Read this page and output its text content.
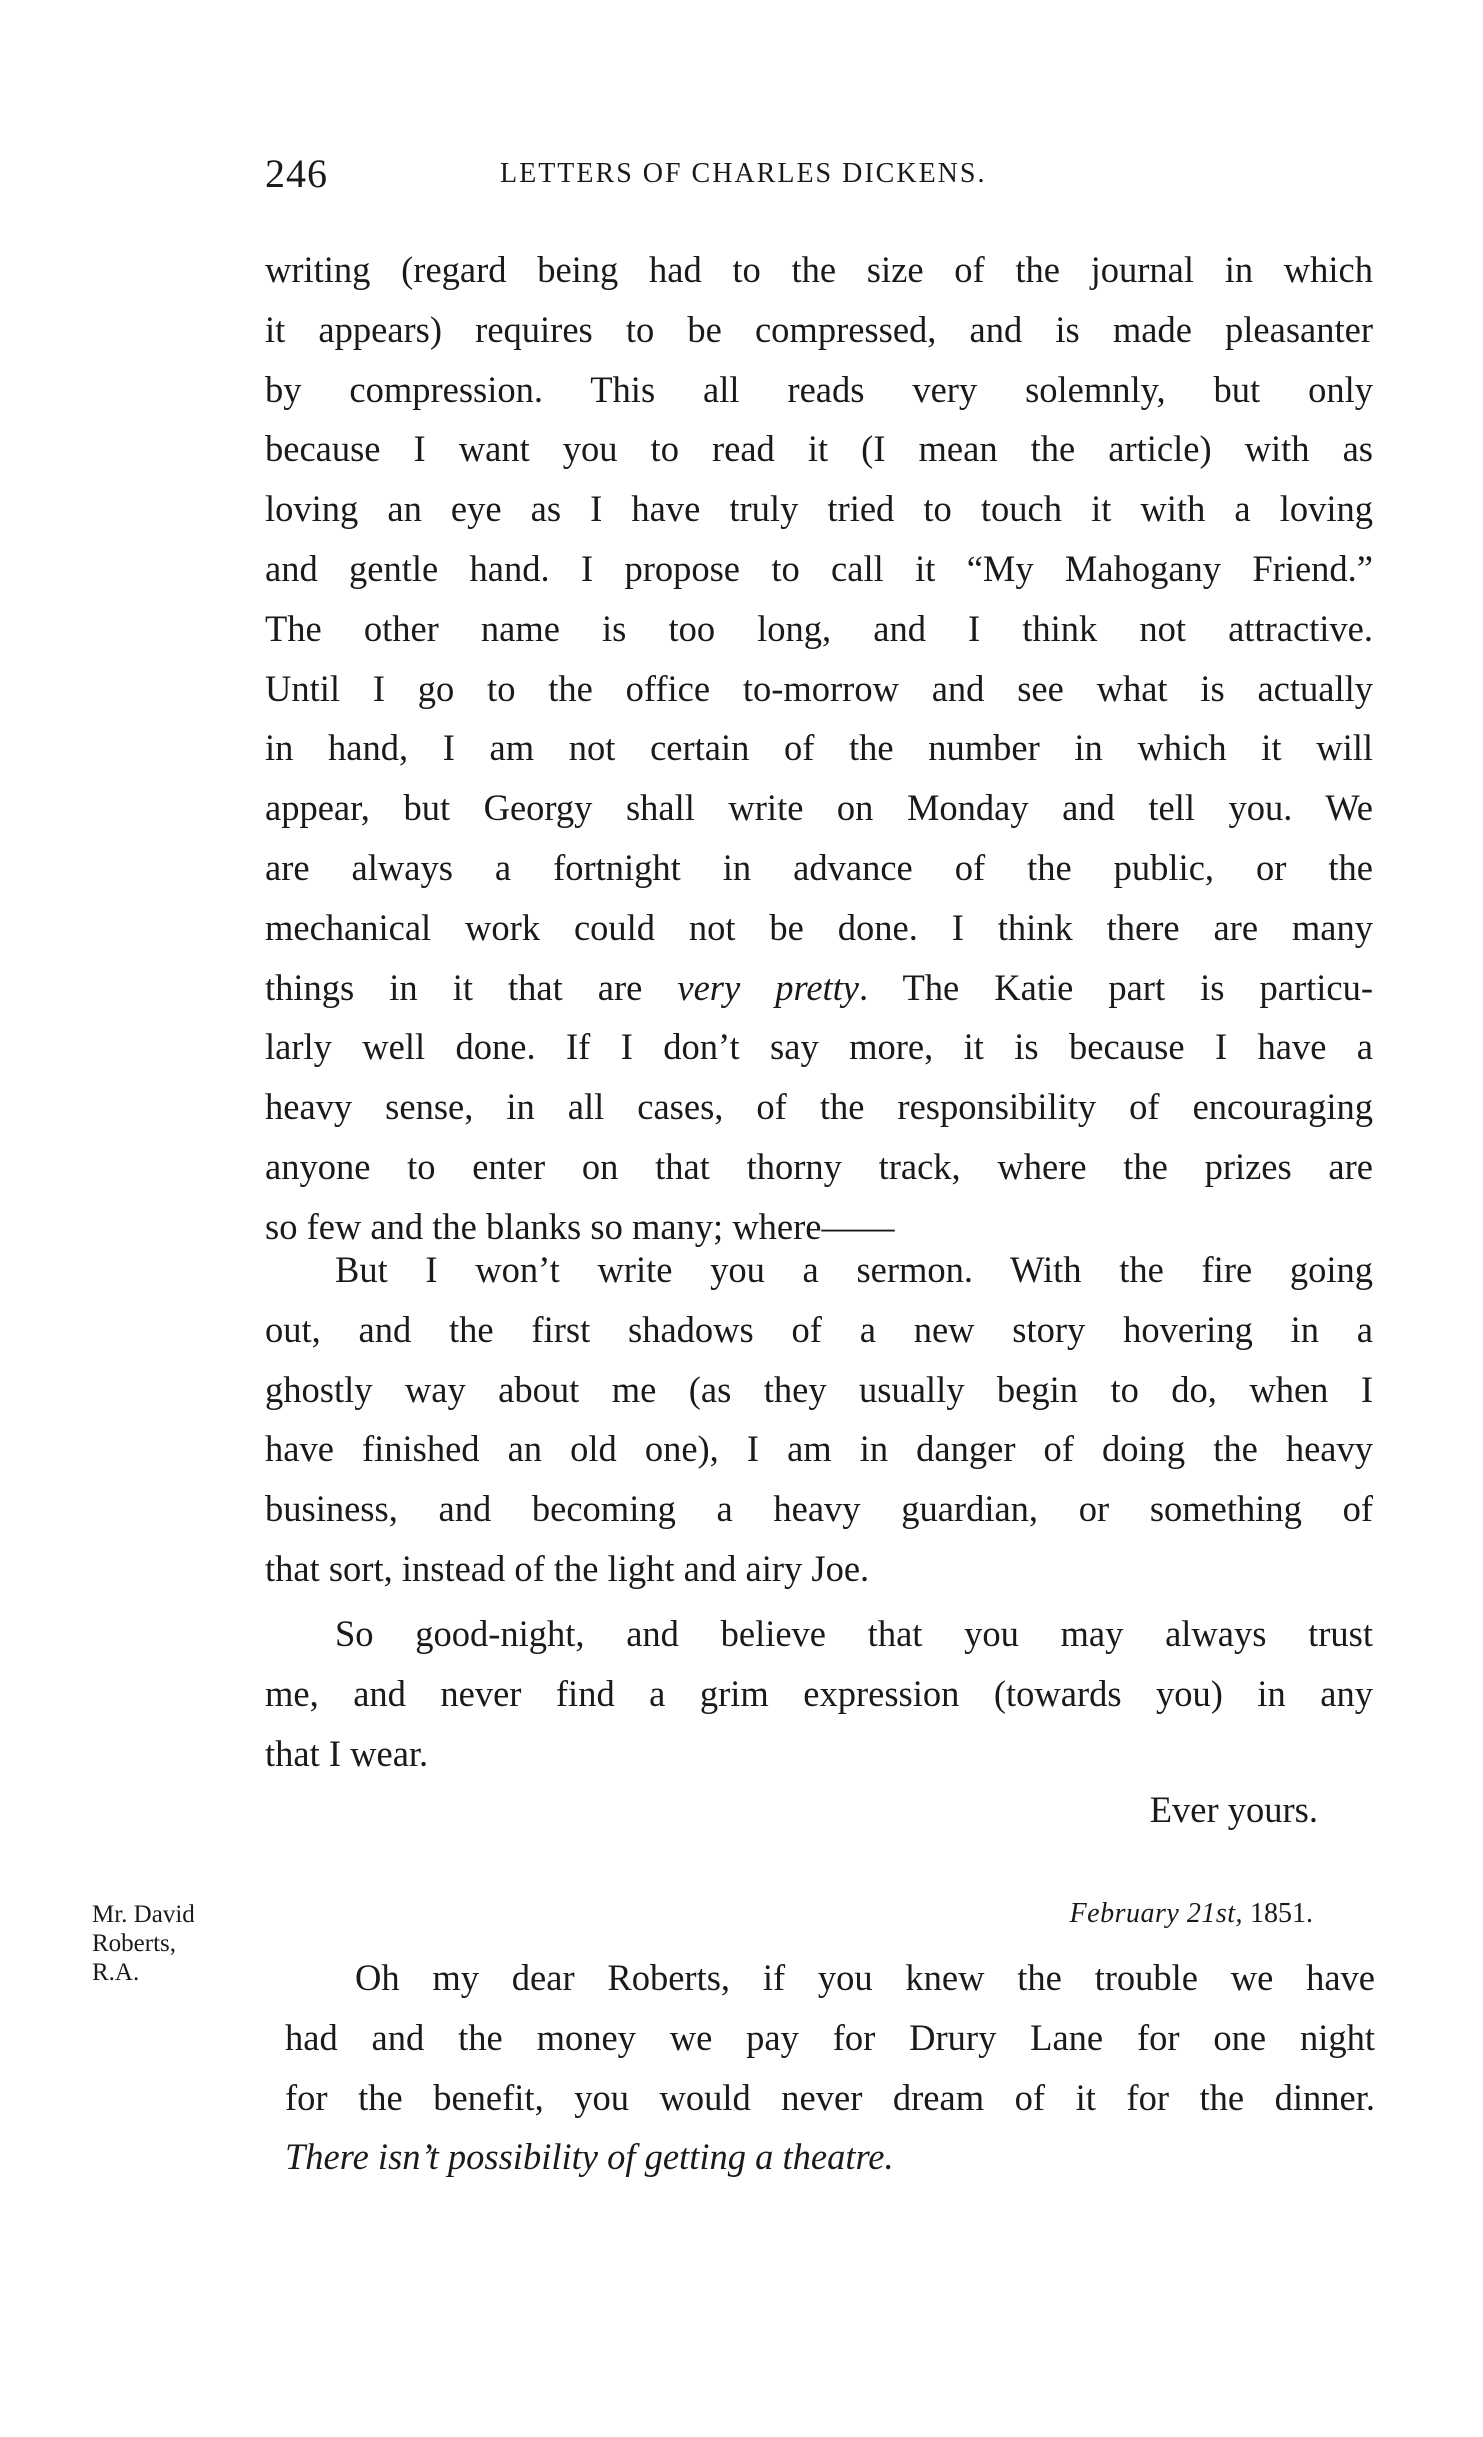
246	LETTERS OF CHARLES DICKENS.
writing (regard being had to the size of the journal in which
it appears) requires to be compressed, and is made pleasanter
by compression. This all reads very solemnly, but only
because I want you to read it (I mean the article) with as
loving an eye as I have truly tried to touch it with a loving
and gentle hand. I propose to call it “My Mahogany Friend.”
The other name is too long, and I think not attractive.
Until I go to the office to-morrow and see what is actually
in hand, I am not certain of the number in which it will
appear, but Georgy shall write on Monday and tell you. We
are always a fortnight in advance of the public, or the
mechanical work could not be done. I think there are many
things in it that are very pretty. The Katie part is particu-
larly well done. If I don’t say more, it is because I have a
heavy sense, in all cases, of the responsibility of encouraging
anyone to enter on that thorny track, where the prizes are
so few and the blanks so many; where——
But I won’t write you a sermon. With the fire going
out, and the first shadows of a new story hovering in a
ghostly way about me (as they usually begin to do, when I
have finished an old one), I am in danger of doing the heavy
business, and becoming a heavy guardian, or something of
that sort, instead of the light and airy Joe.
So good-night, and believe that you may always trust
me, and never find a grim expression (towards you) in any
that I wear.
Ever yours.
Mr. David
Roberts,
R.A.
February 21st, 1851.
Oh my dear Roberts, if you knew the trouble we have
had and the money we pay for Drury Lane for one night
for the benefit, you would never dream of it for the dinner.
There isn’t possibility of getting a theatre.
